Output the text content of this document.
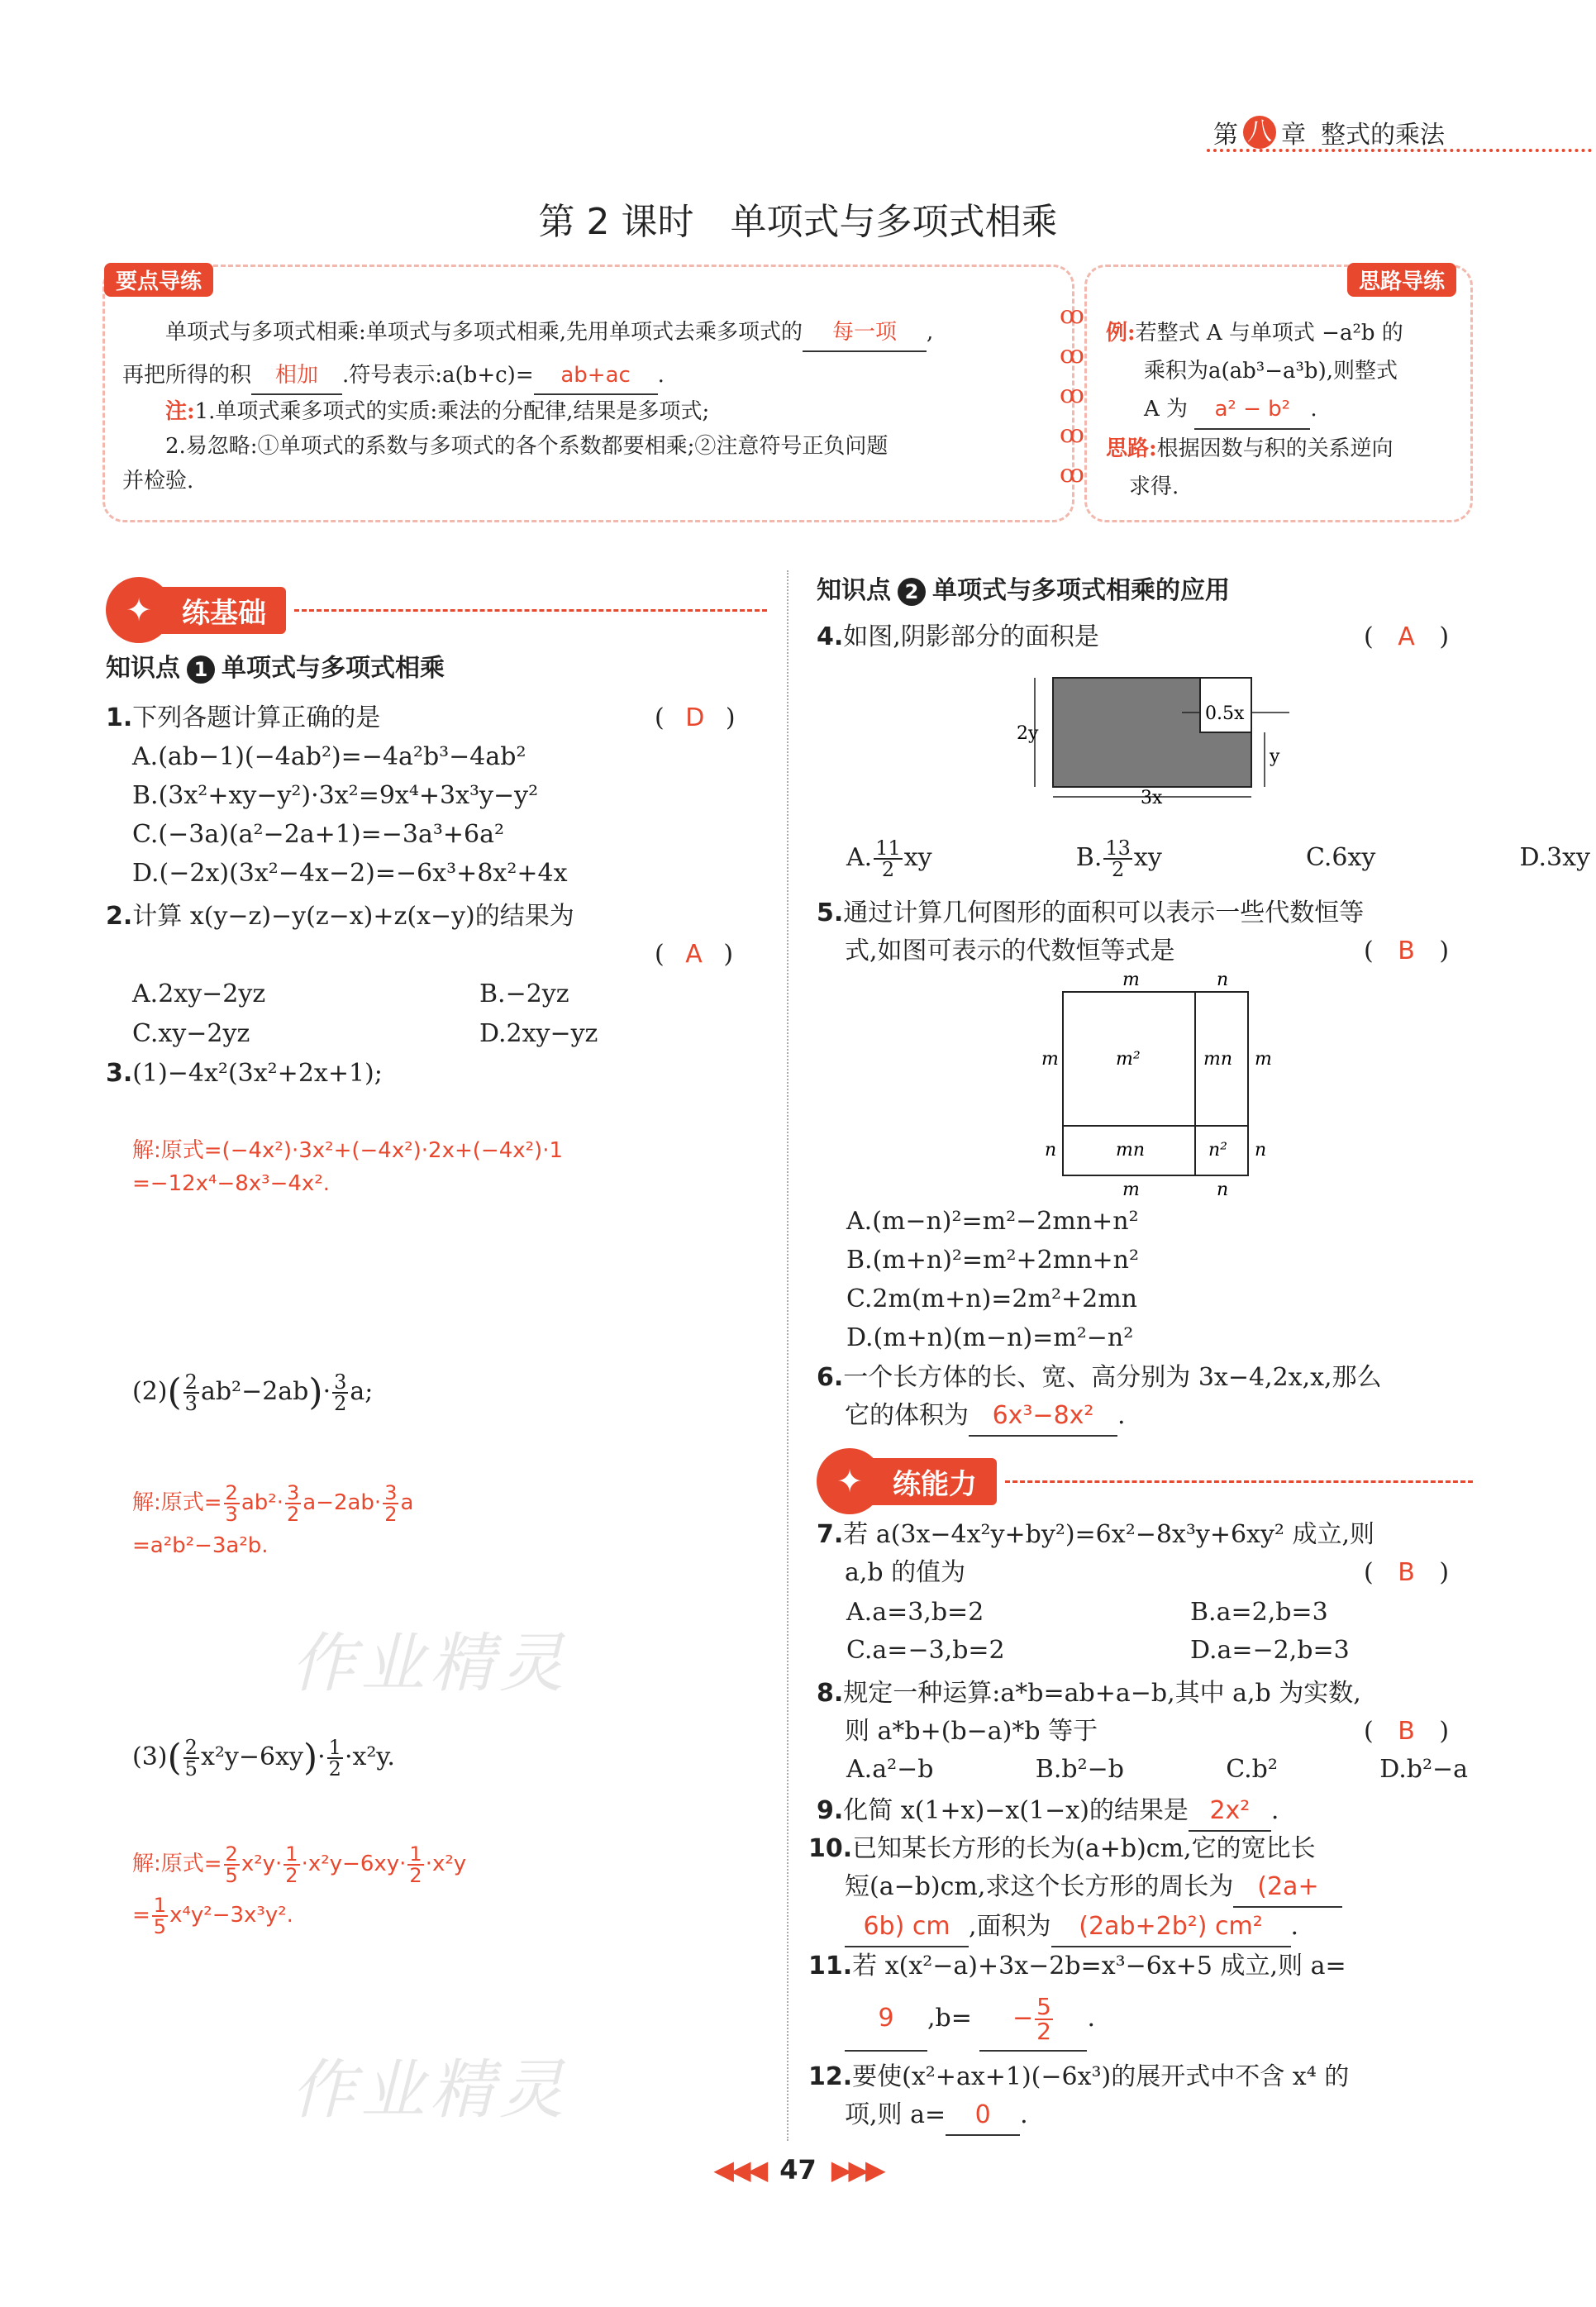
第 八 章 整式的乘法
第 2 课时　单项式与多项式相乘
要点导练
单项式与多项式相乘:单项式与多项式相乘,先用单项式去乘多项式的 每一项 ,
再把所得的积 相加 .符号表示:a(b+c)= ab+ac .
注:1.单项式乘多项式的实质:乘法的分配律,结果是多项式;
2.易忽略:①单项式的系数与多项式的各个系数都要相乘;②注意符号正负问题
并检验.
ꝏ
ꝏ
ꝏ
ꝏ
ꝏ
思路导练
例:若整式 A 与单项式 −a²b 的
乘积为a(ab³−a³b),则整式
A 为 a² − b² .
思路:根据因数与积的关系逆向
求得.
✦	练基础
知识点 1 单项式与多项式相乘
1.下列各题计算正确的是	( D )
A.(ab−1)(−4ab²)=−4a²b³−4ab²
B.(3x²+xy−y²)·3x²=9x⁴+3x³y−y²
C.(−3a)(a²−2a+1)=−3a³+6a²
D.(−2x)(3x²−4x−2)=−6x³+8x²+4x
2.计算 x(y−z)−y(z−x)+z(x−y)的结果为
( A )
A.2xy−2yz	B.−2yz
C.xy−2yz	D.2xy−yz
3.(1)−4x²(3x²+2x+1);
解:原式=(−4x²)·3x²+(−4x²)·2x+(−4x²)·1
=−12x⁴−8x³−4x².
$(2)( \frac{2}{3} ab^2-2ab)\cdot \frac{3}{2} a$;
解:原式= $\frac{2}{3} ab^2\cdot \frac{3}{2} a-2ab\cdot \frac{3}{2}$ a
=a²b²−3a²b.
作业精灵
$(3)( \frac{2}{5} x^2y-6xy)\cdot \frac{1}{2} \cdot x^2y$.
解:原式= $\frac{2}{5} x^2y\cdot \frac{1}{2} \cdot x^2y-6xy\cdot \frac{1}{2} \cdot x^2y$
= $\frac{1}{5} x^4y^2-3x^3y^2$.
作业精灵
知识点 2 单项式与多项式相乘的应用
4.如图,阴影部分的面积是	( A )
0.5x
2y
y
3x
A. $\frac{11}{2}$ xy	B. $\frac{13}{2}$ xy	C.6xy	D.3xy
5.通过计算几何图形的面积可以表示一些代数恒等
式,如图可表示的代数恒等式是	( B )
m	n
m
n
m
n
m	n
m²	mn
mn	n²
A.(m−n)²=m²−2mn+n²
B.(m+n)²=m²+2mn+n²
C.2m(m+n)=2m²+2mn
D.(m+n)(m−n)=m²−n²
6.一个长方体的长、宽、高分别为 3x−4,2x,x,那么
它的体积为 6x³−8x² .
✦	练能力
7.若 a(3x−4x²y+by²)=6x²−8x³y+6xy² 成立,则
a,b 的值为	( B )
A.a=3,b=2	B.a=2,b=3
C.a=−3,b=2	D.a=−2,b=3
8.规定一种运算:a*b=ab+a−b,其中 a,b 为实数,
则 a*b+(b−a)*b 等于	( B )
A.a²−b	B.b²−b	C.b²	D.b²−a
9.化简 x(1+x)−x(1−x)的结果是 2x² .
10.已知某长方形的长为(a+b)cm,它的宽比长
短(a−b)cm,求这个长方形的周长为 (2a+
6b) cm ,面积为 (2ab+2b²) cm² .
11.若 x(x²−a)+3x−2b=x³−6x+5 成立,则 a=
9 $,b= - \frac{5}{2}$ .
12.要使(x²+ax+1)(−6x³)的展开式中不含 x⁴ 的
项,则 a= 0 .
◀◀◀ 47 ▶▶▶
